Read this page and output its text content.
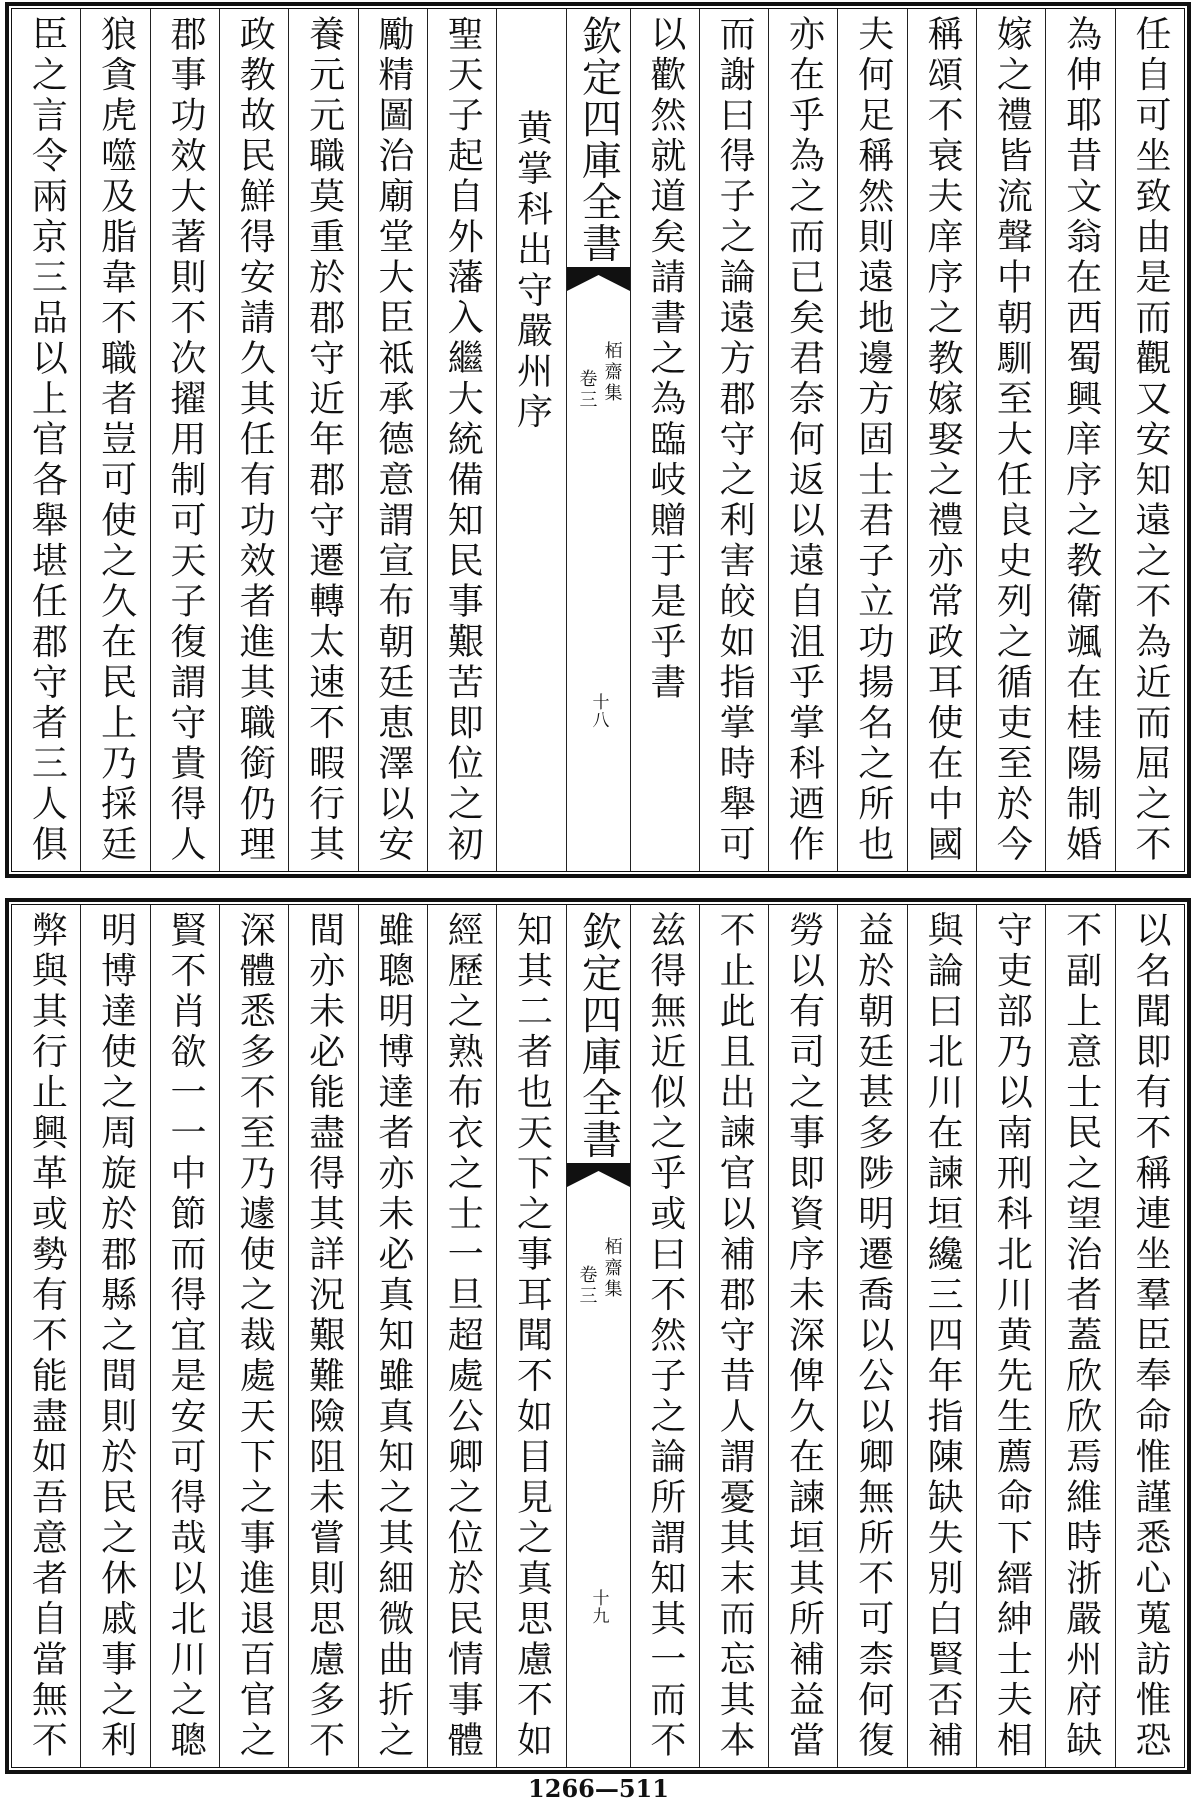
任自可坐致由是而觀又安知遠之不為近而屈之不
為伸耶昔文翁在西蜀興庠序之教衛颯在桂陽制婚
嫁之禮皆流聲中朝馴至大任良史列之循吏至於今
稱頌不衰夫庠序之教嫁娶之禮亦常政耳使在中國
夫何足稱然則遠地邊方固士君子立功揚名之所也
亦在乎為之而已矣君奈何返以遠自沮乎掌科迺作
而謝曰得子之論遠方郡守之利害皎如指掌時舉可
以歡然就道矣請書之為臨岐贈于是乎書
欽定四庫全書
栢齋集
卷三
十八
黄掌科出守嚴州序
聖天子起自外藩入繼大統備知民事艱苦即位之初
勵精圖治廟堂大臣祗承德意謂宣布朝廷恵澤以安
養元元職莫重於郡守近年郡守遷轉太速不暇行其
政教故民鮮得安請久其任有功效者進其職銜仍理
郡事功效大著則不次擢用制可天子復謂守貴得人
狼貪虎噬及脂韋不職者豈可使之久在民上乃採廷
臣之言令兩京三品以上官各舉堪任郡守者三人俱
以名聞即有不稱連坐羣臣奉命惟謹悉心蒐訪惟恐
不副上意士民之望治者蓋欣欣焉維時浙嚴州府缺
守吏部乃以南刑科北川黄先生薦命下縉紳士夫相
與論曰北川在諫垣纔三四年指陳缺失別白賢否補
益於朝廷甚多陟明遷喬以公以卿無所不可柰何復
勞以有司之事即資序未深俾久在諫垣其所補益當
不止此且出諫官以補郡守昔人謂憂其末而忘其本
兹得無近似之乎或曰不然子之論所謂知其一而不
欽定四庫全書
栢齋集
卷三
十九
知其二者也天下之事耳聞不如目見之真思慮不如
經歷之熟布衣之士一旦超處公卿之位於民情事體
雖聰明博達者亦未必真知雖真知之其細微曲折之
間亦未必能盡得其詳況艱難險阻未嘗則思慮多不
深體悉多不至乃遽使之裁處天下之事進退百官之
賢不肖欲一一中節而得宜是安可得哉以北川之聰
明博達使之周旋於郡縣之間則於民之休戚事之利
弊與其行止興革或勢有不能盡如吾意者自當無不
1266—511
